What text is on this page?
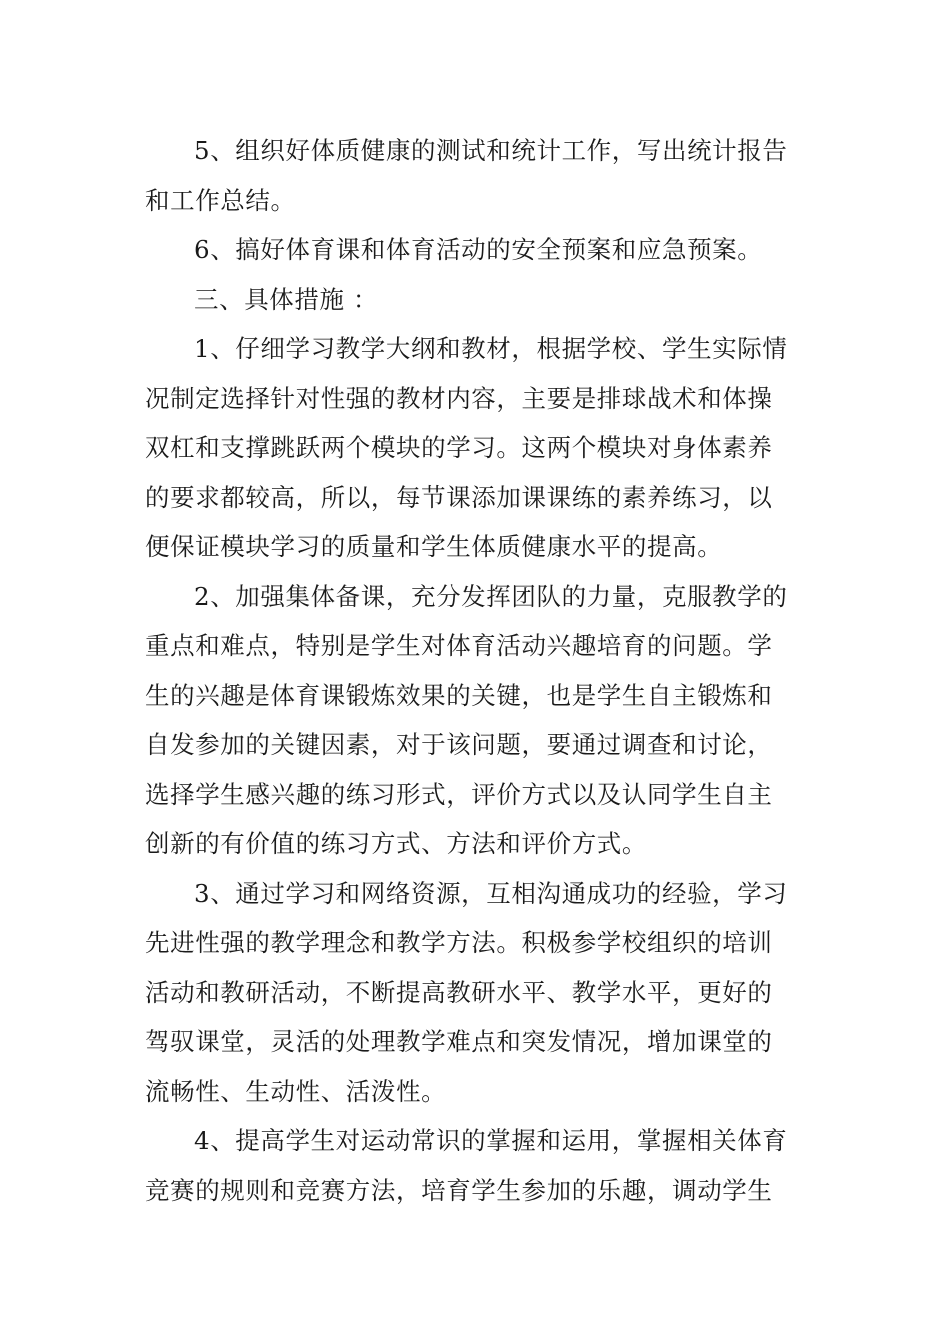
5、组织好体质健康的测试和统计工作，写出统计报告
和工作总结。
6、搞好体育课和体育活动的安全预案和应急预案。
三、具体措施 ：
1、仔细学习教学大纲和教材，根据学校、学生实际情
况制定选择针对性强的教材内容，主要是排球战术和体操
双杠和支撑跳跃两个模块的学习。这两个模块对身体素养
的要求都较高，所以，每节课添加课课练的素养练习，以
便保证模块学习的质量和学生体质健康水平的提高。
2、加强集体备课，充分发挥团队的力量，克服教学的
重点和难点，特别是学生对体育活动兴趣培育的问题。学
生的兴趣是体育课锻炼效果的关键，也是学生自主锻炼和
自发参加的关键因素，对于该问题，要通过调查和讨论，
选择学生感兴趣的练习形式，评价方式以及认同学生自主
创新的有价值的练习方式、方法和评价方式。
3、通过学习和网络资源，互相沟通成功的经验，学习
先进性强的教学理念和教学方法。积极参学校组织的培训
活动和教研活动，不断提高教研水平、教学水平，更好的
驾驭课堂，灵活的处理教学难点和突发情况，增加课堂的
流畅性、生动性、活泼性。
4、提高学生对运动常识的掌握和运用，掌握相关体育
竞赛的规则和竞赛方法，培育学生参加的乐趣，调动学生
